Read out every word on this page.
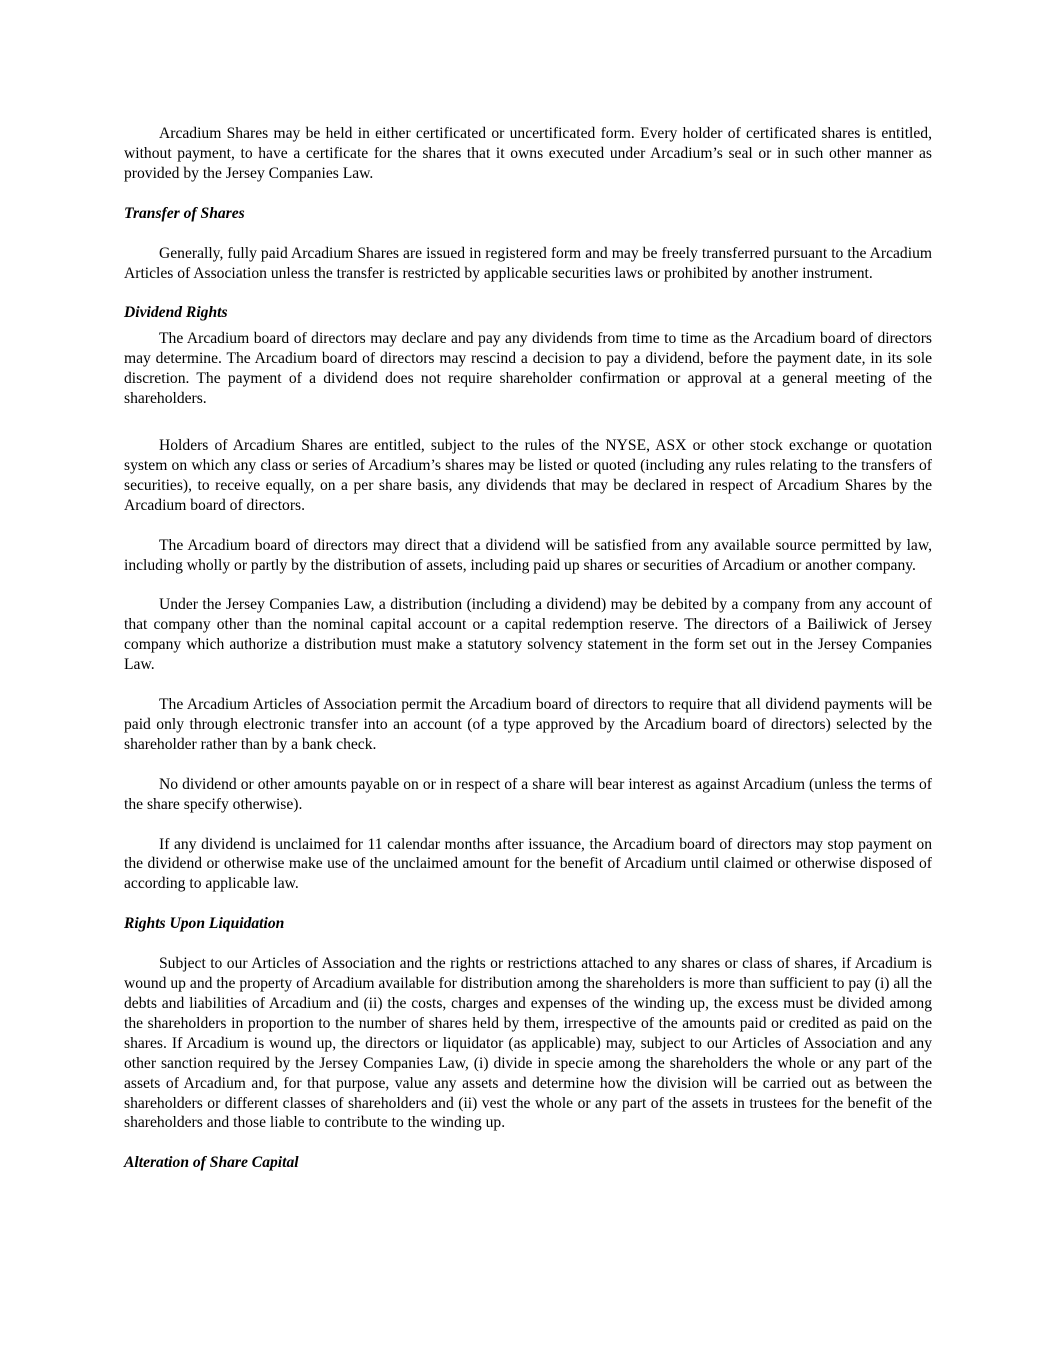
Arcadium Shares may be held in either certificated or uncertificated form. Every holder of certificated shares is entitled, without payment, to have a certificate for the shares that it owns executed under Arcadium’s seal or in such other manner as provided by the Jersey Companies Law.

Transfer of Shares

Generally, fully paid Arcadium Shares are issued in registered form and may be freely transferred pursuant to the Arcadium Articles of Association unless the transfer is restricted by applicable securities laws or prohibited by another instrument.

Dividend Rights

The Arcadium board of directors may declare and pay any dividends from time to time as the Arcadium board of directors may determine. The Arcadium board of directors may rescind a decision to pay a dividend, before the payment date, in its sole discretion. The payment of a dividend does not require shareholder confirmation or approval at a general meeting of the shareholders.

Holders of Arcadium Shares are entitled, subject to the rules of the NYSE, ASX or other stock exchange or quotation system on which any class or series of Arcadium’s shares may be listed or quoted (including any rules relating to the transfers of securities), to receive equally, on a per share basis, any dividends that may be declared in respect of Arcadium Shares by the Arcadium board of directors.

The Arcadium board of directors may direct that a dividend will be satisfied from any available source permitted by law, including wholly or partly by the distribution of assets, including paid up shares or securities of Arcadium or another company.

Under the Jersey Companies Law, a distribution (including a dividend) may be debited by a company from any account of that company other than the nominal capital account or a capital redemption reserve. The directors of a Bailiwick of Jersey company which authorize a distribution must make a statutory solvency statement in the form set out in the Jersey Companies Law.

The Arcadium Articles of Association permit the Arcadium board of directors to require that all dividend payments will be paid only through electronic transfer into an account (of a type approved by the Arcadium board of directors) selected by the shareholder rather than by a bank check.

No dividend or other amounts payable on or in respect of a share will bear interest as against Arcadium (unless the terms of the share specify otherwise).

If any dividend is unclaimed for 11 calendar months after issuance, the Arcadium board of directors may stop payment on the dividend or otherwise make use of the unclaimed amount for the benefit of Arcadium until claimed or otherwise disposed of according to applicable law.

Rights Upon Liquidation

Subject to our Articles of Association and the rights or restrictions attached to any shares or class of shares, if Arcadium is wound up and the property of Arcadium available for distribution among the shareholders is more than sufficient to pay (i) all the debts and liabilities of Arcadium and (ii) the costs, charges and expenses of the winding up, the excess must be divided among the shareholders in proportion to the number of shares held by them, irrespective of the amounts paid or credited as paid on the shares. If Arcadium is wound up, the directors or liquidator (as applicable) may, subject to our Articles of Association and any other sanction required by the Jersey Companies Law, (i) divide in specie among the shareholders the whole or any part of the assets of Arcadium and, for that purpose, value any assets and determine how the division will be carried out as between the shareholders or different classes of shareholders and (ii) vest the whole or any part of the assets in trustees for the benefit of the shareholders and those liable to contribute to the winding up.

Alteration of Share Capital
